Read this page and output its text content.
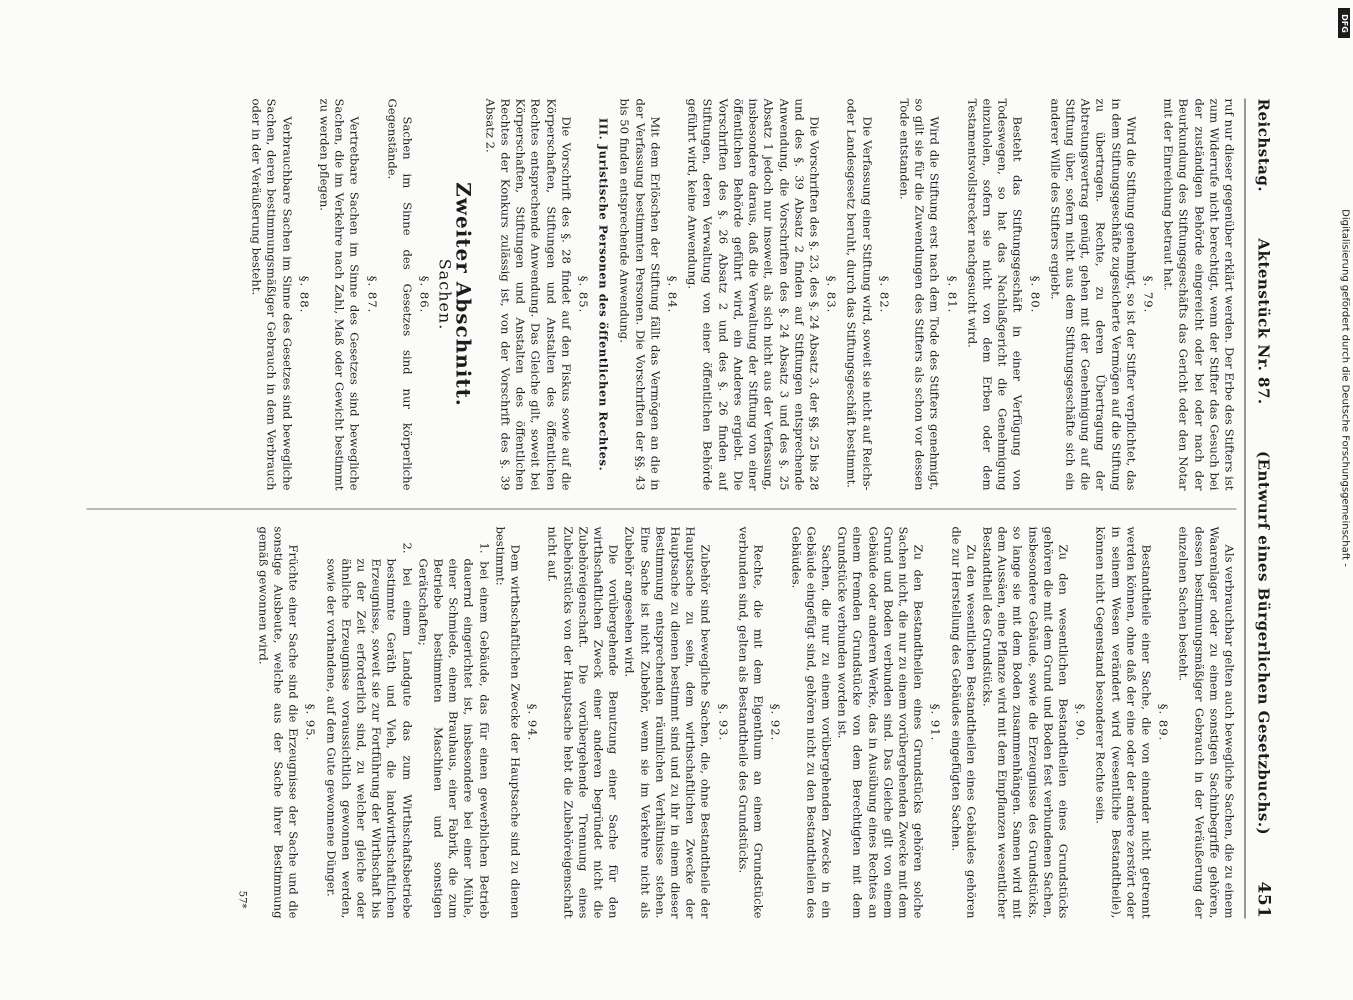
Reichstag.
Aktenstück Nr. 87.
(Entwurf eines Bürgerlichen Gesetzbuchs.)
451

ruf nur dieser gegenüber erklärt werden. Der Erbe des Stifters ist zum Widerrufe nicht berechtigt, wenn der Stifter das Gesuch bei der zuständigen Behörde eingereicht oder bei oder nach der Beurkundung des Stiftungsgeschäfts das Gericht oder den Notar mit der Einreichung betraut hat.

§. 79.

Wird die Stiftung genehmigt, so ist der Stifter verpflichtet, das in dem Stiftungsgeschäfte zugesicherte Vermögen auf die Stiftung zu übertragen. Rechte, zu deren Übertragung der Abtretungsvertrag genügt, gehen mit der Genehmigung auf die Stiftung über, sofern nicht aus dem Stiftungsgeschäfte sich ein anderer Wille des Stifters ergiebt.

§. 80.

Besteht das Stiftungsgeschäft in einer Verfügung von Todeswegen, so hat das Nachlaßgericht die Genehmigung einzuholen, sofern sie nicht von dem Erben oder dem Testamentsvollstrecker nachgesucht wird.

§. 81.

Wird die Stiftung erst nach dem Tode des Stifters genehmigt, so gilt sie für die Zuwendungen des Stifters als schon vor dessen Tode entstanden.

§. 82.

Die Verfassung einer Stiftung wird, soweit sie nicht auf Reichs- oder Landesgesetz beruht, durch das Stiftungsgeschäft bestimmt.

§. 83.

Die Vorschriften des §. 23, des §. 24 Absatz 3, der §§. 25 bis 28 und des §. 39 Absatz 2 finden auf Stiftungen entsprechende Anwendung, die Vorschriften des §. 24 Absatz 3 und des §. 25 Absatz 1 jedoch nur insoweit, als sich nicht aus der Verfassung, insbesondere daraus, daß die Verwaltung der Stiftung von einer öffentlichen Behörde geführt wird, ein Anderes ergiebt. Die Vorschriften des §. 26 Absatz 2 und des §. 26 finden auf Stiftungen, deren Verwaltung von einer öffentlichen Behörde geführt wird, keine Anwendung.

§. 84.

Mit dem Erlöschen der Stiftung fällt das Vermögen an die in der Verfassung bestimmten Personen. Die Vorschriften der §§. 43 bis 50 finden entsprechende Anwendung.

III. Juristische Personen des öffentlichen Rechtes.
§. 85.

Die Vorschrift des §. 28 findet auf den Fiskus sowie auf die Körperschaften, Stiftungen und Anstalten des öffentlichen Rechtes entsprechende Anwendung. Das Gleiche gilt, soweit bei Körperschaften, Stiftungen und Anstalten des öffentlichen Rechtes der Konkurs zulässig ist, von der Vorschrift des §. 39 Absatz 2.

Zweiter Abschnitt.
Sachen.
§. 86.

Sachen im Sinne des Gesetzes sind nur körperliche Gegenstände.

§. 87.

Vertretbare Sachen im Sinne des Gesetzes sind bewegliche Sachen, die im Verkehre nach Zahl, Maß oder Gewicht bestimmt zu werden pflegen.

§. 88.

Verbrauchbare Sachen im Sinne des Gesetzes sind bewegliche Sachen, deren bestimmungsmäßiger Gebrauch in dem Verbrauch oder in der Veräußerung besteht.

Als verbrauchbar gelten auch bewegliche Sachen, die zu einem Waarenlager oder zu einem sonstigen Sachinbegriffe gehören, dessen bestimmungsmäßiger Gebrauch in der Veräußerung der einzelnen Sachen besteht.

§. 89.

Bestandtheile einer Sache, die von einander nicht getrennt werden können, ohne daß der eine oder der andere zerstört oder in seinem Wesen verändert wird (wesentliche Bestandtheile), können nicht Gegenstand besonderer Rechte sein.

§. 90.

Zu den wesentlichen Bestandtheilen eines Grundstücks gehören die mit dem Grund und Boden fest verbundenen Sachen, insbesondere Gebäude, sowie die Erzeugnisse des Grundstücks, so lange sie mit dem Boden zusammenhängen. Samen wird mit dem Aussäen, eine Pflanze wird mit dem Einpflanzen wesentlicher Bestandtheil des Grundstücks.

Zu den wesentlichen Bestandtheilen eines Gebäudes gehören die zur Herstellung des Gebäudes eingefügten Sachen.

§. 91.

Zu den Bestandtheilen eines Grundstücks gehören solche Sachen nicht, die nur zu einem vorübergehenden Zwecke mit dem Grund und Boden verbunden sind. Das Gleiche gilt von einem Gebäude oder anderen Werke, das in Ausübung eines Rechtes an einem fremden Grundstücke von dem Berechtigten mit dem Grundstücke verbunden worden ist.

Sachen, die nur zu einem vorübergehenden Zwecke in ein Gebäude eingefügt sind, gehören nicht zu den Bestandtheilen des Gebäudes.

§. 92.

Rechte, die mit dem Eigenthum an einem Grundstücke verbunden sind, gelten als Bestandtheile des Grundstücks.

§. 93.

Zubehör sind bewegliche Sachen, die, ohne Bestandtheile der Hauptsache zu sein, dem wirthschaftlichen Zwecke der Hauptsache zu dienen bestimmt sind und zu ihr in einem dieser Bestimmung entsprechenden räumlichen Verhältnisse stehen. Eine Sache ist nicht Zubehör, wenn sie im Verkehre nicht als Zubehör angesehen wird.

Die vorübergehende Benutzung einer Sache für den wirthschaftlichen Zweck einer anderen begründet nicht die Zubehöreigenschaft. Die vorübergehende Trennung eines Zubehörstücks von der Hauptsache hebt die Zubehöreigenschaft nicht auf.

§. 94.

Dem wirthschaftlichen Zwecke der Hauptsache sind zu dienen bestimmt:

1. bei einem Gebäude, das für einen gewerblichen Betrieb dauernd eingerichtet ist, insbesondere bei einer Mühle, einer Schmiede, einem Brauhaus, einer Fabrik, die zum Betriebe bestimmten Maschinen und sonstigen Gerätschaften;

2. bei einem Landgute das zum Wirthschaftsbetriebe bestimmte Geräth und Vieh, die landwirthschaftlichen Erzeugnisse, soweit sie zur Fortführung der Wirthschaft bis zu der Zeit erforderlich sind, zu welcher gleiche oder ähnliche Erzeugnisse voraussichtlich gewonnen werden, sowie der vorhandene, auf dem Gute gewonnene Dünger.

§. 95.

Früchte einer Sache sind die Erzeugnisse der Sache und die sonstige Ausbeute, welche aus der Sache ihrer Bestimmung gemäß gewonnen wird.

57*
DFG
Digitalisierung gefördert durch die Deutsche Forschungsgemeinschaft -
